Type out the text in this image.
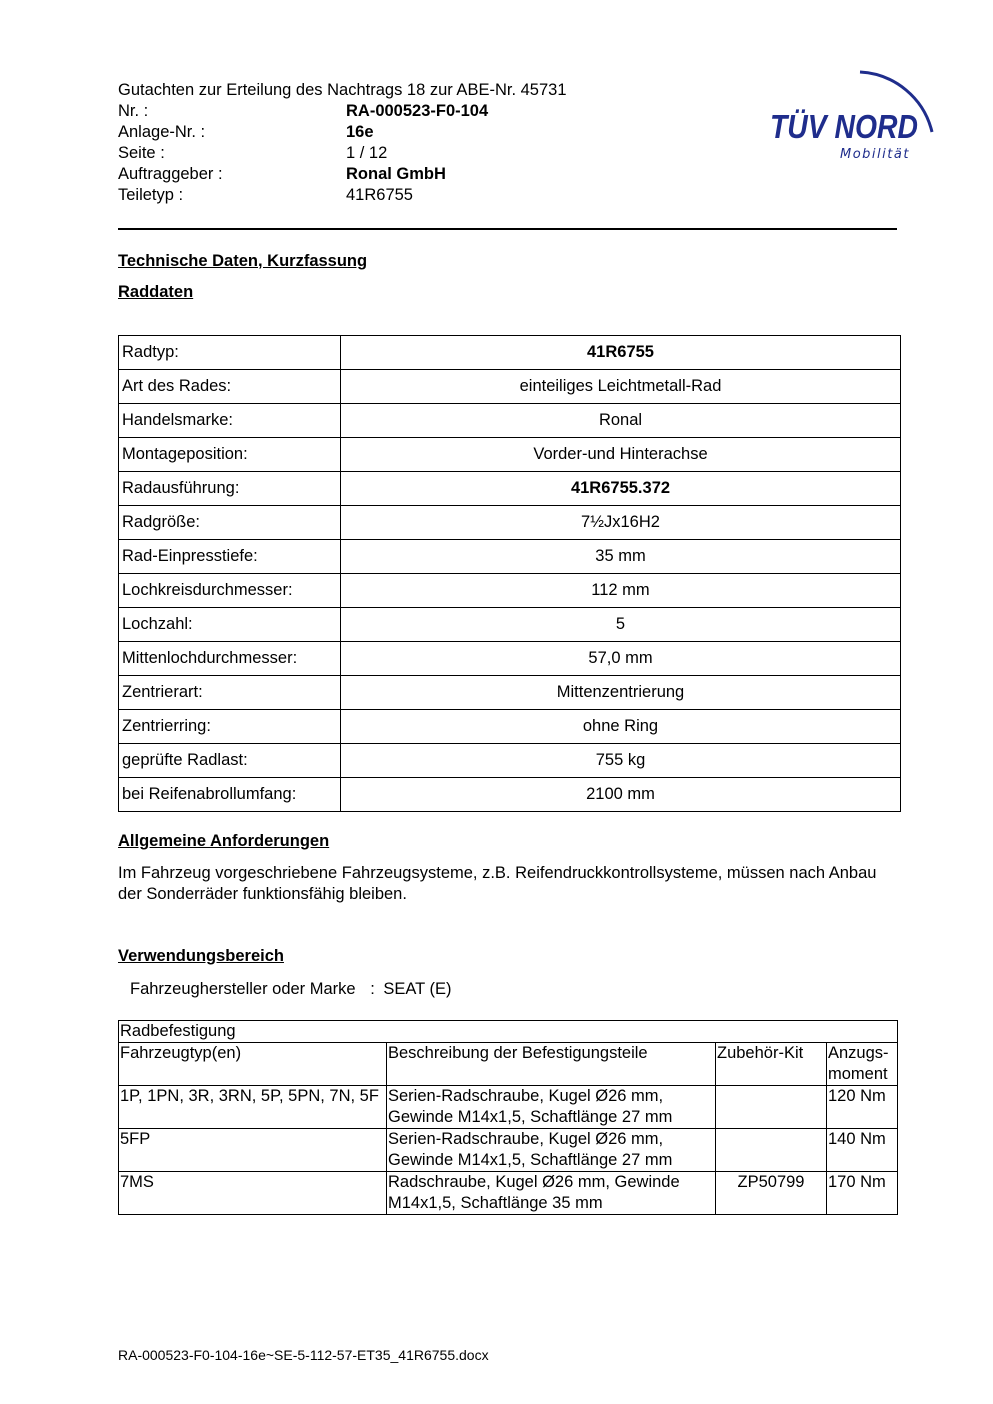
Gutachten zur Erteilung des Nachtrags 18 zur ABE-Nr. 45731
Nr. :	RA-000523-F0-104
Anlage-Nr. :	16e
Seite :	1 / 12
Auftraggeber :	Ronal GmbH
Teiletyp :	41R6755
TÜV NORD
Mobilität
Technische Daten, Kurzfassung
Raddaten
Radtyp:	41R6755
Art des Rades:	einteiliges Leichtmetall-Rad
Handelsmarke:	Ronal
Montageposition:	Vorder-und Hinterachse
Radausführung:	41R6755.372
Radgröße:	7½Jx16H2
Rad-Einpresstiefe:	35 mm
Lochkreisdurchmesser:	112 mm
Lochzahl:	5
Mittenlochdurchmesser:	57,0 mm
Zentrierart:	Mittenzentrierung
Zentrierring:	ohne Ring
geprüfte Radlast:	755 kg
bei Reifenabrollumfang:	2100 mm
Allgemeine Anforderungen
Im Fahrzeug vorgeschriebene Fahrzeugsysteme, z.B. Reifendruckkontrollsysteme, müssen nach Anbau der Sonderräder funktionsfähig bleiben.
Verwendungsbereich
Fahrzeughersteller oder Marke : SEAT (E)
Radbefestigung			
Fahrzeugtyp(en)	Beschreibung der Befestigungsteile	Zubehör-Kit	Anzugs-moment
1P, 1PN, 3R, 3RN, 5P, 5PN, 7N, 5F	Serien-Radschraube, Kugel Ø26 mm, Gewinde M14x1,5, Schaftlänge 27 mm		120 Nm
5FP	Serien-Radschraube, Kugel Ø26 mm, Gewinde M14x1,5, Schaftlänge 27 mm		140 Nm
7MS	Radschraube, Kugel Ø26 mm, Gewinde M14x1,5, Schaftlänge 35 mm	ZP50799	170 Nm
RA-000523-F0-104-16e~SE-5-112-57-ET35_41R6755.docx
